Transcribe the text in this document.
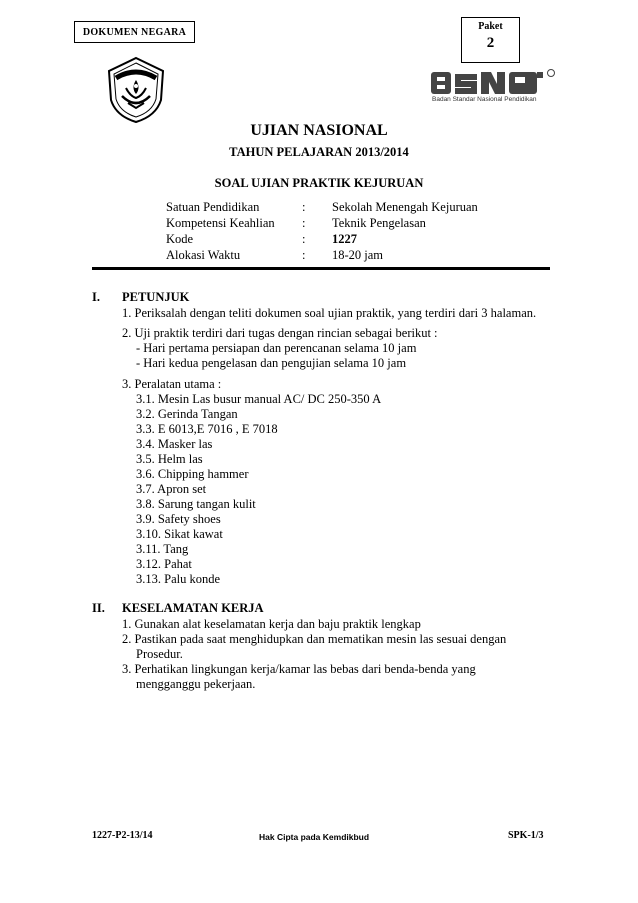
DOKUMEN NEGARA	Paket
2
Badan Standar Nasional Pendidikan
UJIAN NASIONAL
TAHUN PELAJARAN 2013/2014
SOAL UJIAN PRAKTIK KEJURUAN
Satuan Pendidikan	: Sekolah Menengah Kejuruan
Kompetensi Keahlian : Teknik Pengelasan
Kode	: 1227
Alokasi Waktu	: 18-20 jam
I. PETUNJUK
1. Periksalah dengan teliti dokumen soal ujian praktik, yang terdiri dari 3 halaman.
2. Uji praktik terdiri dari tugas dengan rincian sebagai berikut :
- Hari pertama persiapan dan perencanan selama 10 jam
- Hari kedua pengelasan dan pengujian selama 10 jam
3. Peralatan utama :
3.1. Mesin Las busur manual AC/ DC 250-350 A
3.2. Gerinda Tangan
3.3. E 6013,E 7016 , E 7018
3.4. Masker las
3.5. Helm las
3.6. Chipping hammer
3.7. Apron set
3.8. Sarung tangan kulit
3.9. Safety shoes
3.10. Sikat kawat
3.11. Tang
3.12. Pahat
3.13. Palu konde
II. KESELAMATAN KERJA
1. Gunakan alat keselamatan kerja dan baju praktik lengkap
2. Pastikan pada saat menghidupkan dan mematikan mesin las sesuai dengan
Prosedur.
3. Perhatikan lingkungan kerja/kamar las bebas dari benda-benda yang
mengganggu pekerjaan.
1227-P2-13/14	Hak Cipta pada Kemdikbud	SPK-1/3
